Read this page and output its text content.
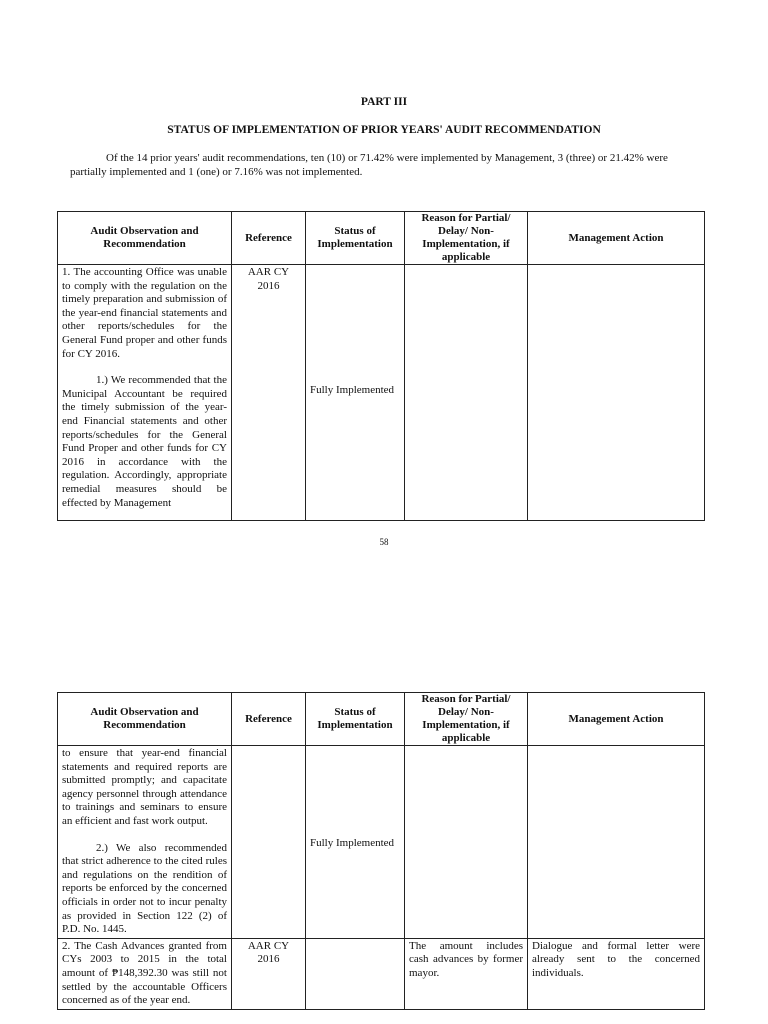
PART III
STATUS OF IMPLEMENTATION OF PRIOR YEARS' AUDIT RECOMMENDATION
Of the 14 prior years' audit recommendations, ten (10) or 71.42% were implemented by Management, 3 (three) or 21.42% were
partially implemented and 1 (one) or 7.16% was not implemented.
Audit Observation and Recommendation	Reference	Status of Implementation	Reason for Partial/ Delay/ Non-Implementation, if applicable	Management Action

1. The accounting Office was unable to comply with the regulation on the timely preparation and submission of the year-end financial statements and other reports/schedules for the General Fund proper and other funds for CY 2016.
1.) We recommended that the Municipal Accountant be required the timely submission of the year-end Financial statements and other reports/schedules for the General Fund Proper and other funds for CY 2016 in accordance with the regulation. Accordingly, appropriate remedial measures should be effected by Management	AAR CY 2016	Fully Implemented		

58
Audit Observation and Recommendation	Reference	Status of Implementation	Reason for Partial/ Delay/ Non-Implementation, if applicable	Management Action

to ensure that year-end financial statements and required reports are submitted promptly; and capacitate agency personnel through attendance to trainings and seminars to ensure an efficient and fast work output.
2.) We also recommended that strict adherence to the cited rules and regulations on the rendition of reports be enforced by the concerned officials in order not to incur penalty as provided in Section 122 (2) of P.D. No. 1445.		Fully Implemented		

2. The Cash Advances granted from CYs 2003 to 2015 in the total amount of ₱148,392.30 was still not settled by the accountable Officers concerned as of the year end.	AAR CY 2016		The amount includes cash advances by former mayor.	Dialogue and formal letter were already sent to the concerned individuals.
